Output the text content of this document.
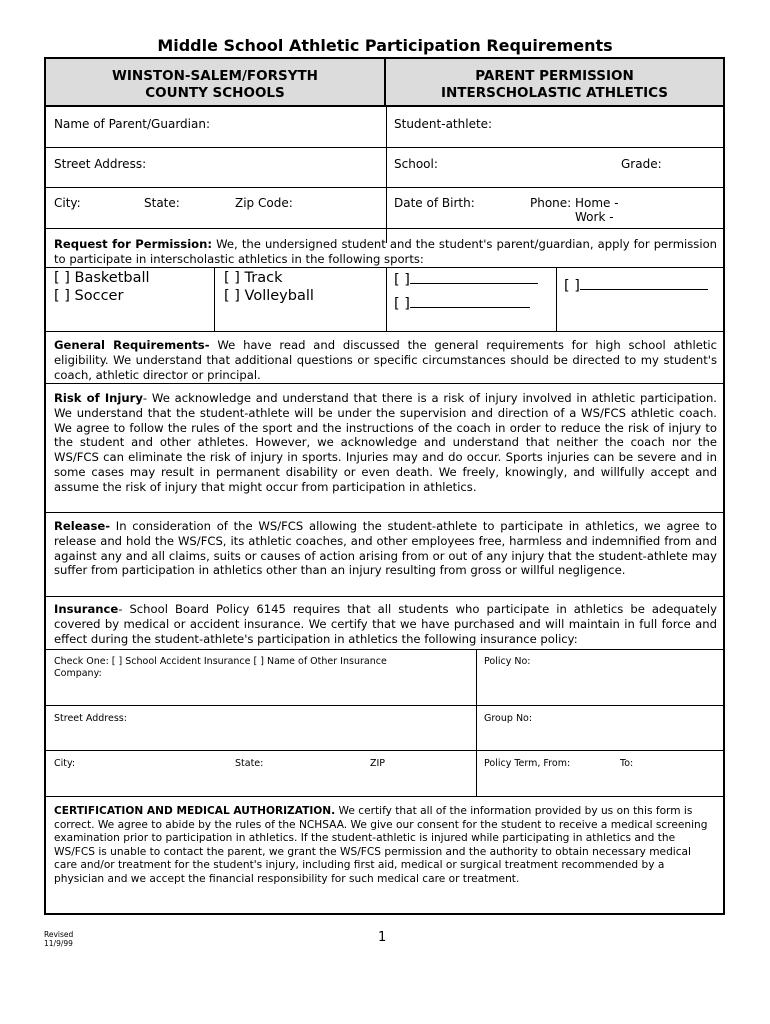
Middle School Athletic Participation Requirements
WINSTON-SALEM/FORSYTH
COUNTY SCHOOLS
PARENT PERMISSION
INTERSCHOLASTIC ATHLETICS
Name of Parent/Guardian:	Student-athlete:
Street Address:	School:	Grade:
City:	State:	Zip Code:	Date of Birth:	Phone: Home -
Work -
Request for Permission: We, the undersigned student and the student's parent/guardian, apply for permission to participate in interscholastic athletics in the following sports:
[ ] Basketball
[ ] Soccer
[ ] Track
[ ] Volleyball
[ ]
[ ]
[ ]
General Requirements- We have read and discussed the general requirements for high school athletic eligibility. We understand that additional questions or specific circumstances should be directed to my student's coach, athletic director or principal.
Risk of Injury- We acknowledge and understand that there is a risk of injury involved in athletic participation. We understand that the student-athlete will be under the supervision and direction of a WS/FCS athletic coach. We agree to follow the rules of the sport and the instructions of the coach in order to reduce the risk of injury to the student and other athletes. However, we acknowledge and understand that neither the coach nor the WS/FCS can eliminate the risk of injury in sports. Injuries may and do occur. Sports injuries can be severe and in some cases may result in permanent disability or even death. We freely, knowingly, and willfully accept and assume the risk of injury that might occur from participation in athletics.
Release- In consideration of the WS/FCS allowing the student-athlete to participate in athletics, we agree to release and hold the WS/FCS, its athletic coaches, and other employees free, harmless and indemnified from and against any and all claims, suits or causes of action arising from or out of any injury that the student-athlete may suffer from participation in athletics other than an injury resulting from gross or willful negligence.
Insurance- School Board Policy 6145 requires that all students who participate in athletics be adequately covered by medical or accident insurance. We certify that we have purchased and will maintain in full force and effect during the student-athlete's participation in athletics the following insurance policy:
Check One: [ ] School Accident Insurance [ ] Name of Other Insurance
Company:
Policy No:
Street Address:	Group No:
City:	State:	ZIP	Policy Term, From:	To:
CERTIFICATION AND MEDICAL AUTHORIZATION. We certify that all of the information provided by us on this form is correct. We agree to abide by the rules of the NCHSAA. We give our consent for the student to receive a medical screening examination prior to participation in athletics. If the student-athletic is injured while participating in athletics and the WS/FCS is unable to contact the parent, we grant the WS/FCS permission and the authority to obtain necessary medical care and/or treatment for the student's injury, including first aid, medical or surgical treatment recommended by a physician and we accept the financial responsibility for such medical care or treatment.
Revised
11/9/99	1
